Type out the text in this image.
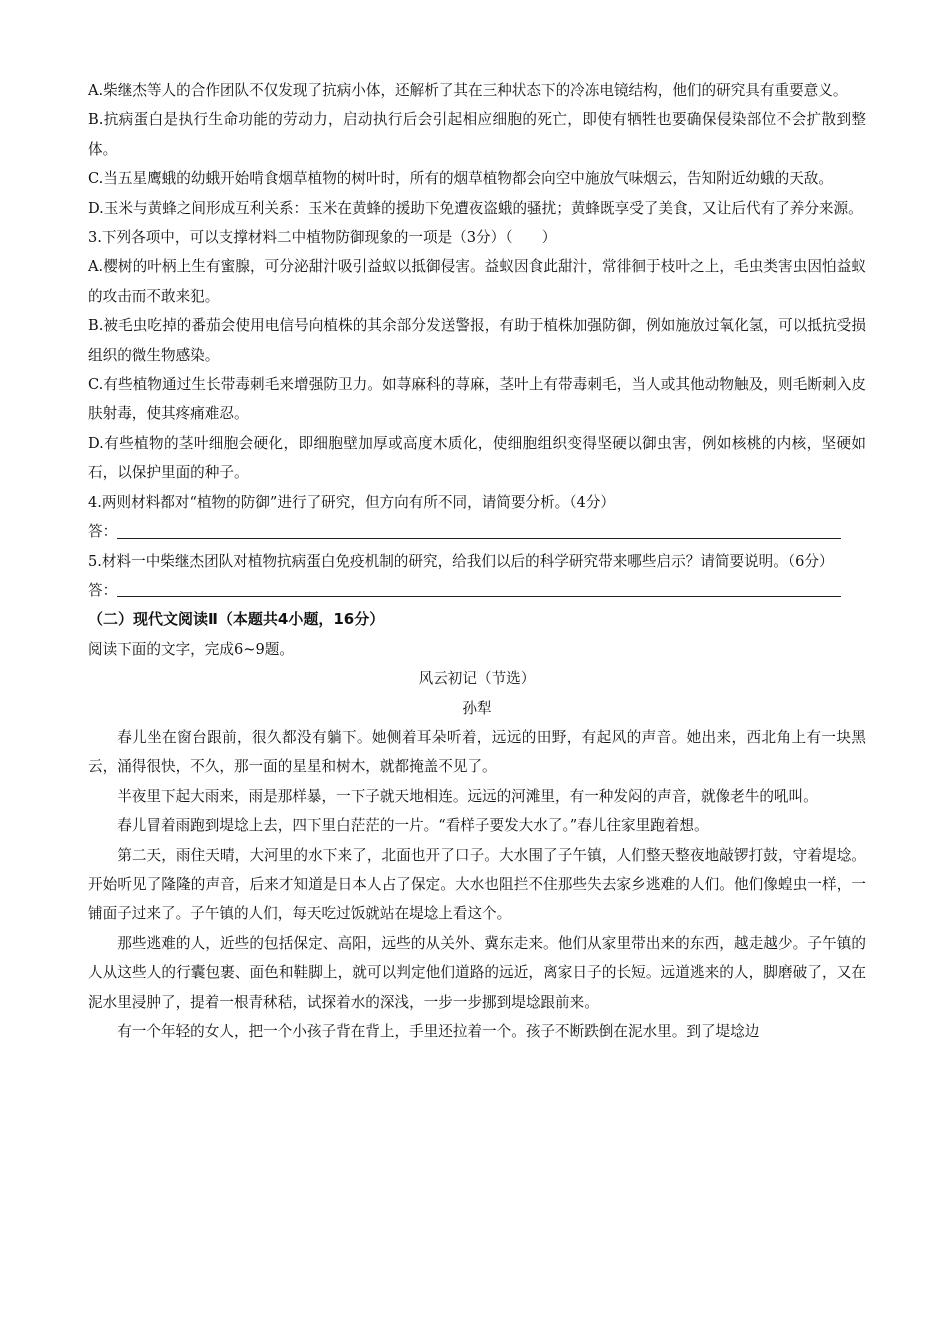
A.柴继杰等人的合作团队不仅发现了抗病小体，还解析了其在三种状态下的冷冻电镜结构，他们的研究具有重要意义。

B.抗病蛋白是执行生命功能的劳动力，启动执行后会引起相应细胞的死亡，即使有牺牲也要确保侵染部位不会扩散到整体。

C.当五星鹰蛾的幼蛾开始啃食烟草植物的树叶时，所有的烟草植物都会向空中施放气味烟云，告知附近幼蛾的天敌。

D.玉米与黄蜂之间形成互利关系：玉米在黄蜂的援助下免遭夜盗蛾的骚扰；黄蜂既享受了美食，又让后代有了养分来源。

3.下列各项中，可以支撑材料二中植物防御现象的一项是（3分）（　　）

A.樱树的叶柄上生有蜜腺，可分泌甜汁吸引益蚁以抵御侵害。益蚁因食此甜汁，常徘徊于枝叶之上，毛虫类害虫因怕益蚁的攻击而不敢来犯。

B.被毛虫吃掉的番茄会使用电信号向植株的其余部分发送警报，有助于植株加强防御，例如施放过氧化氢，可以抵抗受损组织的微生物感染。

C.有些植物通过生长带毒刺毛来增强防卫力。如荨麻科的荨麻，茎叶上有带毒刺毛，当人或其他动物触及，则毛断刺入皮肤射毒，使其疼痛难忍。

D.有些植物的茎叶细胞会硬化，即细胞壁加厚或高度木质化，使细胞组织变得坚硬以御虫害，例如核桃的内核，坚硬如石，以保护里面的种子。

4.两则材料都对“植物的防御”进行了研究，但方向有所不同，请简要分析。（4分）

答：

5.材料一中柴继杰团队对植物抗病蛋白免疫机制的研究，给我们以后的科学研究带来哪些启示？请简要说明。（6分）

答：

（二）现代文阅读Ⅱ（本题共4小题，16分）

阅读下面的文字，完成6~9题。

风云初记（节选）

孙犁

春儿坐在窗台跟前，很久都没有躺下。她侧着耳朵听着，远远的田野，有起风的声音。她出来，西北角上有一块黑云，涌得很快，不久，那一面的星星和树木，就都掩盖不见了。

半夜里下起大雨来，雨是那样暴，一下子就天地相连。远远的河滩里，有一种发闷的声音，就像老牛的吼叫。

春儿冒着雨跑到堤埝上去，四下里白茫茫的一片。“看样子要发大水了。”春儿往家里跑着想。

第二天，雨住天晴，大河里的水下来了，北面也开了口子。大水围了子午镇，人们整天整夜地敲锣打鼓，守着堤埝。开始听见了隆隆的声音，后来才知道是日本人占了保定。大水也阻拦不住那些失去家乡逃难的人们。他们像蝗虫一样，一铺面子过来了。子午镇的人们，每天吃过饭就站在堤埝上看这个。

那些逃难的人，近些的包括保定、高阳，远些的从关外、冀东走来。他们从家里带出来的东西，越走越少。子午镇的人从这些人的行囊包裹、面色和鞋脚上，就可以判定他们道路的远近，离家日子的长短。远道逃来的人，脚磨破了，又在泥水里浸肿了，提着一根青秫秸，试探着水的深浅，一步一步挪到堤埝跟前来。

有一个年轻的女人，把一个小孩子背在背上，手里还拉着一个。孩子不断跌倒在泥水里。到了堤埝边
